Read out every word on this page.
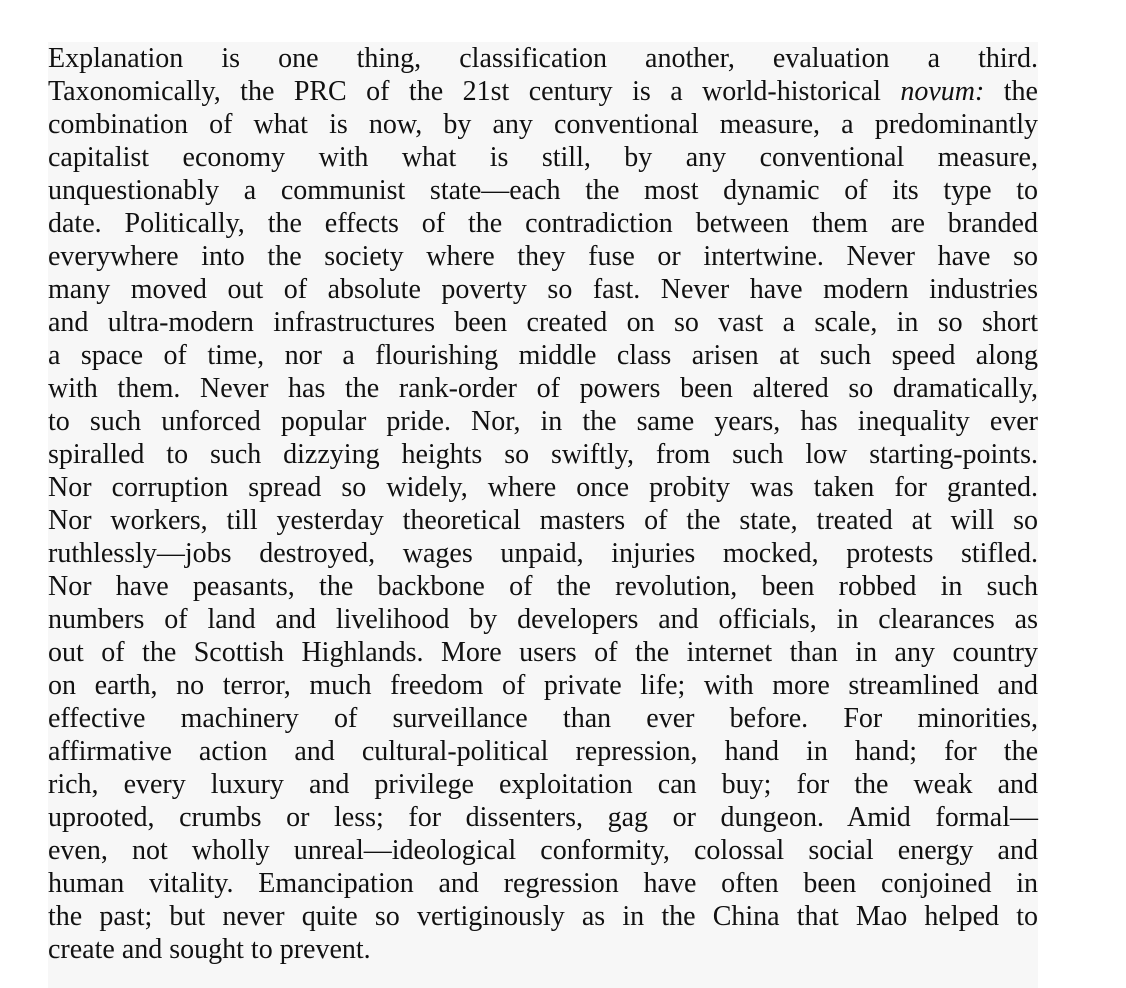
Explanation is one thing, classification another, evaluation a third.
Taxonomically, the PRC of the 21st century is a world-historical novum: the
combination of what is now, by any conventional measure, a predominantly
capitalist economy with what is still, by any conventional measure,
unquestionably a communist state—each the most dynamic of its type to
date. Politically, the effects of the contradiction between them are branded
everywhere into the society where they fuse or intertwine. Never have so
many moved out of absolute poverty so fast. Never have modern industries
and ultra-modern infrastructures been created on so vast a scale, in so short
a space of time, nor a flourishing middle class arisen at such speed along
with them. Never has the rank-order of powers been altered so dramatically,
to such unforced popular pride. Nor, in the same years, has inequality ever
spiralled to such dizzying heights so swiftly, from such low starting-points.
Nor corruption spread so widely, where once probity was taken for granted.
Nor workers, till yesterday theoretical masters of the state, treated at will so
ruthlessly—jobs destroyed, wages unpaid, injuries mocked, protests stifled.
Nor have peasants, the backbone of the revolution, been robbed in such
numbers of land and livelihood by developers and officials, in clearances as
out of the Scottish Highlands. More users of the internet than in any country
on earth, no terror, much freedom of private life; with more streamlined and
effective machinery of surveillance than ever before. For minorities,
affirmative action and cultural-political repression, hand in hand; for the
rich, every luxury and privilege exploitation can buy; for the weak and
uprooted, crumbs or less; for dissenters, gag or dungeon. Amid formal—
even, not wholly unreal—ideological conformity, colossal social energy and
human vitality. Emancipation and regression have often been conjoined in
the past; but never quite so vertiginously as in the China that Mao helped to
create and sought to prevent.
